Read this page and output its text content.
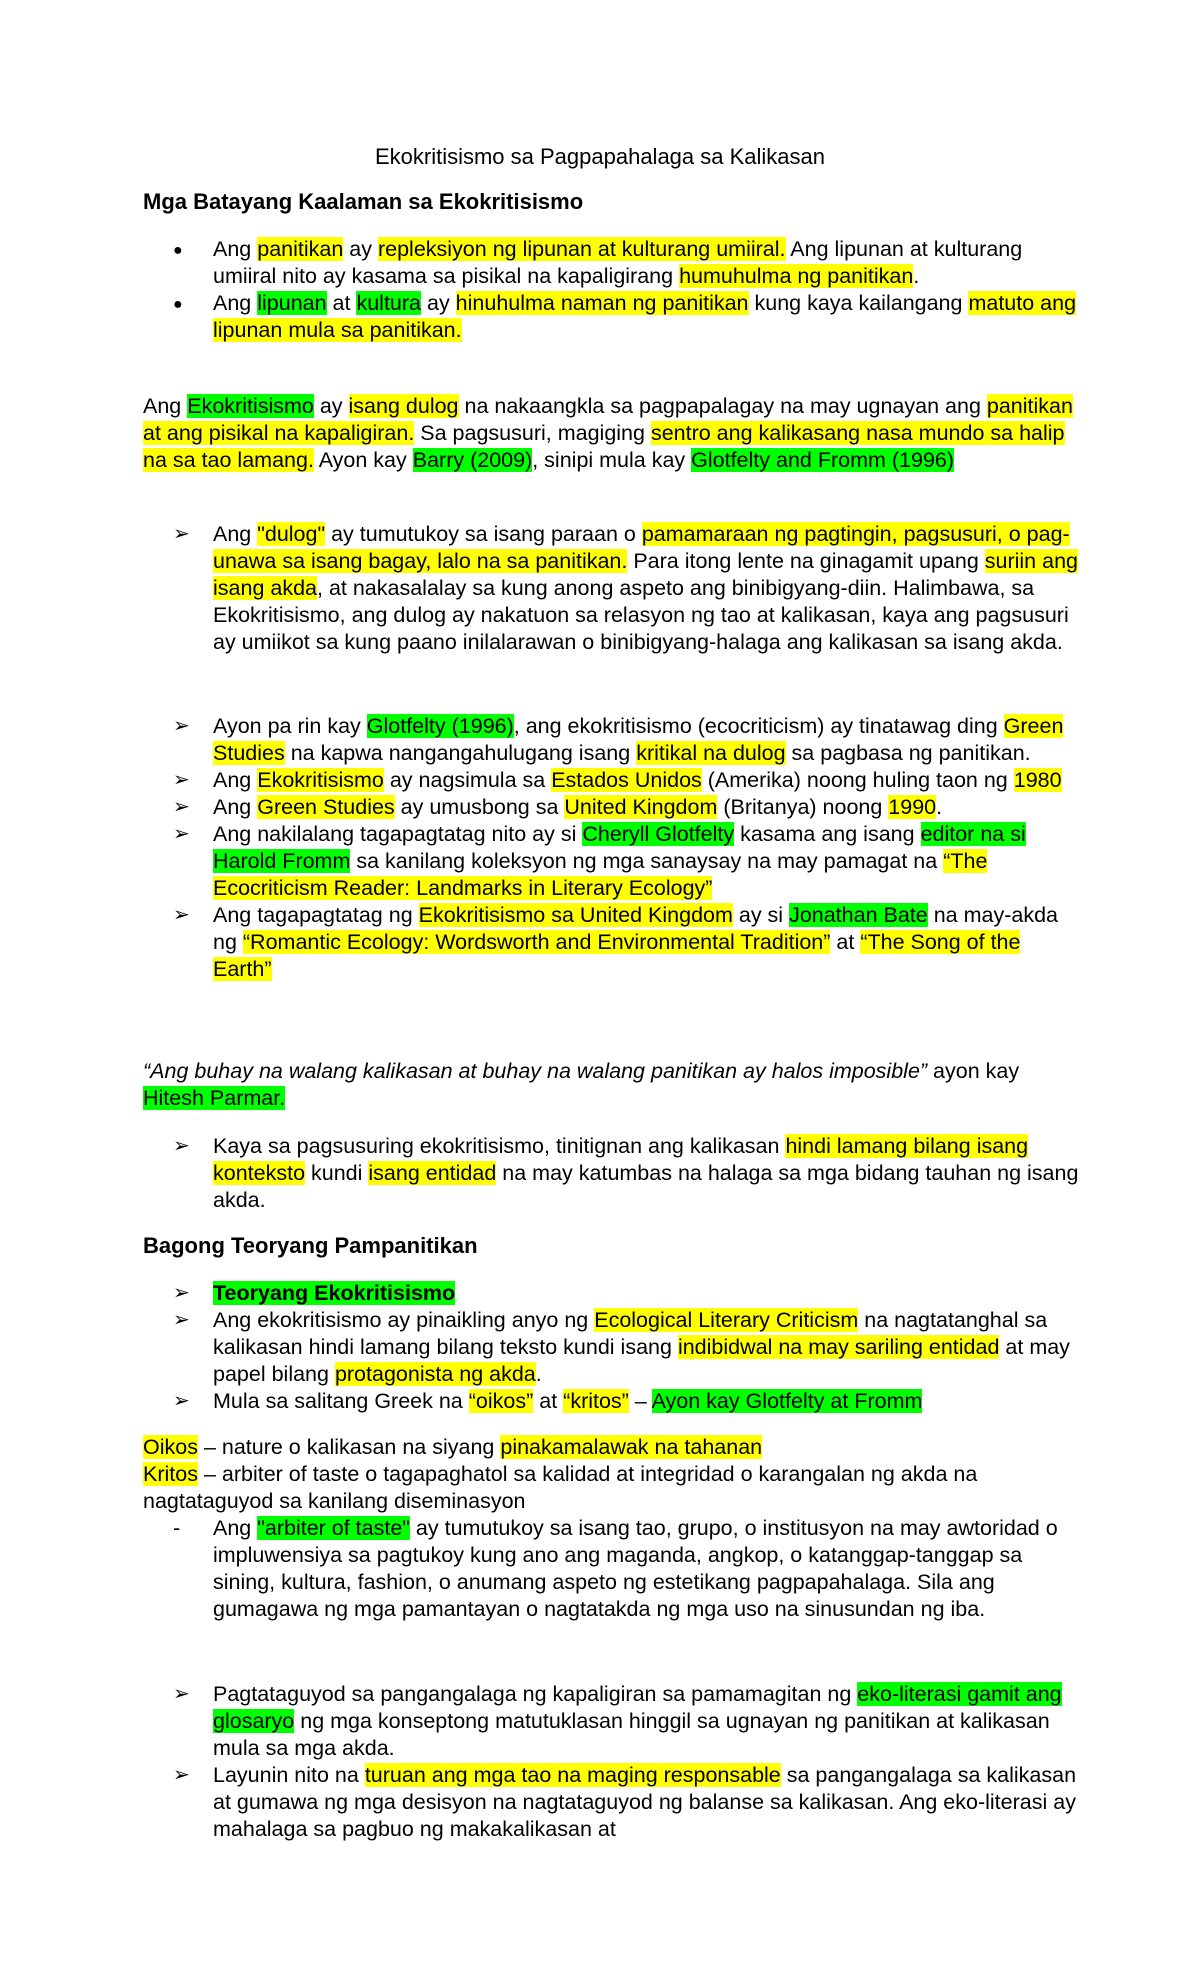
Ekokritisismo sa Pagpapahalaga sa Kalikasan
Mga Batayang Kaalaman sa Ekokritisismo
● Ang panitikan ay repleksiyon ng lipunan at kulturang umiiral. Ang lipunan at kulturang umiiral nito ay kasama sa pisikal na kapaligirang humuhulma ng panitikan.
● Ang lipunan at kultura ay hinuhulma naman ng panitikan kung kaya kailangang matuto ang lipunan mula sa panitikan.
Ang Ekokritisismo ay isang dulog na nakaangkla sa pagpapalagay na may ugnayan ang panitikan at ang pisikal na kapaligiran. Sa pagsusuri, magiging sentro ang kalikasang nasa mundo sa halip na sa tao lamang. Ayon kay Barry (2009), sinipi mula kay Glotfelty and Fromm (1996)
➢ Ang "dulog" ay tumutukoy sa isang paraan o pamamaraan ng pagtingin, pagsusuri, o pag-unawa sa isang bagay, lalo na sa panitikan. Para itong lente na ginagamit upang suriin ang isang akda, at nakasalalay sa kung anong aspeto ang binibigyang-diin. Halimbawa, sa Ekokritisismo, ang dulog ay nakatuon sa relasyon ng tao at kalikasan, kaya ang pagsusuri ay umiikot sa kung paano inilalarawan o binibigyang-halaga ang kalikasan sa isang akda.
➢ Ayon pa rin kay Glotfelty (1996), ang ekokritisismo (ecocriticism) ay tinatawag ding Green Studies na kapwa nangangahulugang isang kritikal na dulog sa pagbasa ng panitikan.
➢ Ang Ekokritisismo ay nagsimula sa Estados Unidos (Amerika) noong huling taon ng 1980
➢ Ang Green Studies ay umusbong sa United Kingdom (Britanya) noong 1990.
➢ Ang nakilalang tagapagtatag nito ay si Cheryll Glotfelty kasama ang isang editor na si Harold Fromm sa kanilang koleksyon ng mga sanaysay na may pamagat na “The Ecocriticism Reader: Landmarks in Literary Ecology”
➢ Ang tagapagtatag ng Ekokritisismo sa United Kingdom ay si Jonathan Bate na may-akda ng “Romantic Ecology: Wordsworth and Environmental Tradition” at “The Song of the Earth”
“Ang buhay na walang kalikasan at buhay na walang panitikan ay halos imposible” ayon kay Hitesh Parmar.
➢ Kaya sa pagsusuring ekokritisismo, tinitignan ang kalikasan hindi lamang bilang isang konteksto kundi isang entidad na may katumbas na halaga sa mga bidang tauhan ng isang akda.
Bagong Teoryang Pampanitikan
➢ Teoryang Ekokritisismo
➢ Ang ekokritisismo ay pinaikling anyo ng Ecological Literary Criticism na nagtatanghal sa kalikasan hindi lamang bilang teksto kundi isang indibidwal na may sariling entidad at may papel bilang protagonista ng akda.
➢ Mula sa salitang Greek na “oikos” at “kritos” – Ayon kay Glotfelty at Fromm
Oikos – nature o kalikasan na siyang pinakamalawak na tahanan
Kritos – arbiter of taste o tagapaghatol sa kalidad at integridad o karangalan ng akda na nagtataguyod sa kanilang diseminasyon
- Ang "arbiter of taste" ay tumutukoy sa isang tao, grupo, o institusyon na may awtoridad o impluwensiya sa pagtukoy kung ano ang maganda, angkop, o katanggap-tanggap sa sining, kultura, fashion, o anumang aspeto ng estetikang pagpapahalaga. Sila ang gumagawa ng mga pamantayan o nagtatakda ng mga uso na sinusundan ng iba.
➢ Pagtataguyod sa pangangalaga ng kapaligiran sa pamamagitan ng eko-literasi gamit ang glosaryo ng mga konseptong matutuklasan hinggil sa ugnayan ng panitikan at kalikasan mula sa mga akda.
➢ Layunin nito na turuan ang mga tao na maging responsable sa pangangalaga sa kalikasan at gumawa ng mga desisyon na nagtataguyod ng balanse sa kalikasan. Ang eko-literasi ay mahalaga sa pagbuo ng makakalikasan at
